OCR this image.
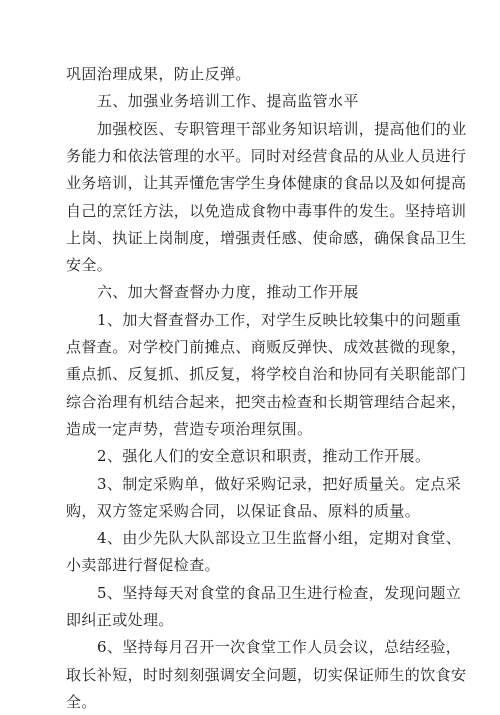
巩固治理成果，防止反弹。
五、加强业务培训工作、提高监管水平
加强校医、专职管理干部业务知识培训，提高他们的业
务能力和依法管理的水平。同时对经营食品的从业人员进行
业务培训，让其弄懂危害学生身体健康的食品以及如何提高
自己的烹饪方法，以免造成食物中毒事件的发生。坚持培训
上岗、执证上岗制度，增强责任感、使命感，确保食品卫生
安全。
六、加大督查督办力度，推动工作开展
1、加大督查督办工作，对学生反映比较集中的问题重
点督查。对学校门前摊点、商贩反弹快、成效甚微的现象，
重点抓、反复抓、抓反复，将学校自治和协同有关职能部门
综合治理有机结合起来，把突击检查和长期管理结合起来，
造成一定声势，营造专项治理氛围。
2、强化人们的安全意识和职责，推动工作开展。
3、制定采购单，做好采购记录，把好质量关。定点采
购，双方签定采购合同，以保证食品、原料的质量。
4、由少先队大队部设立卫生监督小组，定期对食堂、
小卖部进行督促检查。
5、坚持每天对食堂的食品卫生进行检查，发现问题立
即纠正或处理。
6、坚持每月召开一次食堂工作人员会议，总结经验，
取长补短，时时刻刻强调安全问题，切实保证师生的饮食安
全。
